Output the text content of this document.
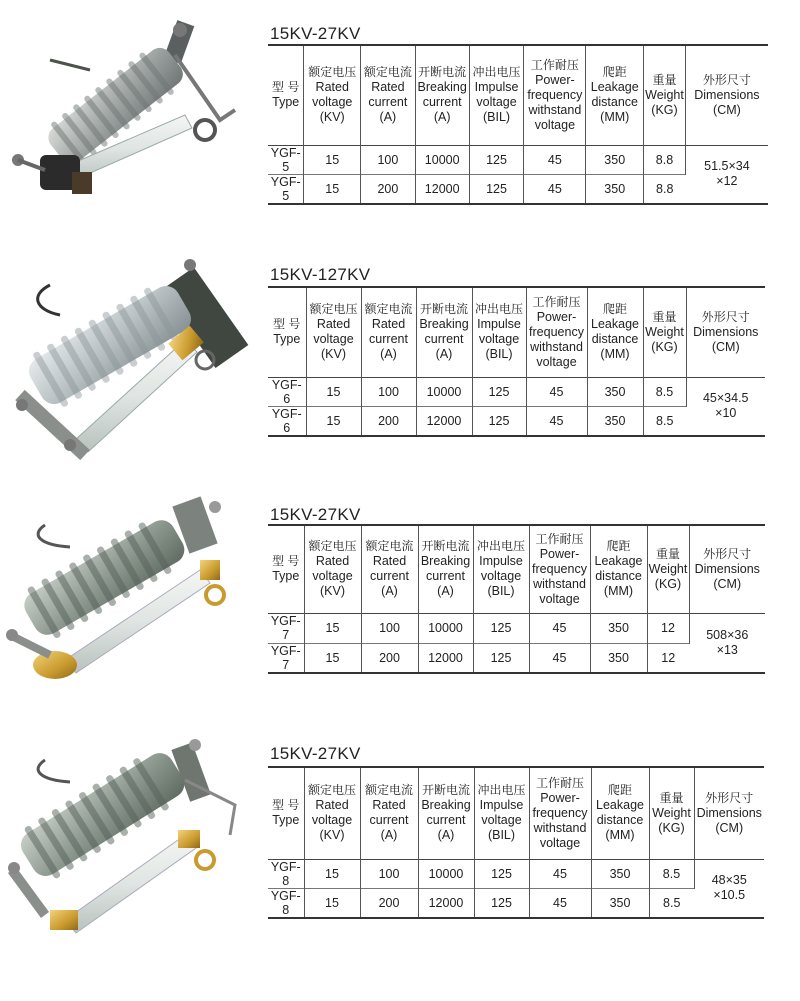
15KV-27KV
型 号
Type	额定电压
Rated
voltage
(KV)	额定电流
Rated
current
(A)	开断电流
Breaking
current
(A)	冲出电压
Impulse
voltage
(BIL)	工作耐压
Power-
frequency
withstand
voltage	爬距
Leakage
distance
(MM)	重量
Weight
(KG)	外形尺寸
Dimensions
(CM)

YGF-5	15	100	10000	125	45	350	8.8	51.5×34
×12

YGF-5	15	200	12000	125	45	350	8.8	
15KV-127KV
型 号
Type	额定电压
Rated
voltage
(KV)	额定电流
Rated
current
(A)	开断电流
Breaking
current
(A)	冲出电压
Impulse
voltage
(BIL)	工作耐压
Power-
frequency
withstand
voltage	爬距
Leakage
distance
(MM)	重量
Weight
(KG)	外形尺寸
Dimensions
(CM)

YGF-6	15	100	10000	125	45	350	8.5	45×34.5
×10

YGF-6	15	200	12000	125	45	350	8.5	
15KV-27KV
型 号
Type	额定电压
Rated
voltage
(KV)	额定电流
Rated
current
(A)	开断电流
Breaking
current
(A)	冲出电压
Impulse
voltage
(BIL)	工作耐压
Power-
frequency
withstand
voltage	爬距
Leakage
distance
(MM)	重量
Weight
(KG)	外形尺寸
Dimensions
(CM)

YGF-7	15	100	10000	125	45	350	12	508×36
×13

YGF-7	15	200	12000	125	45	350	12	
15KV-27KV
型 号
Type	额定电压
Rated
voltage
(KV)	额定电流
Rated
current
(A)	开断电流
Breaking
current
(A)	冲出电压
Impulse
voltage
(BIL)	工作耐压
Power-
frequency
withstand
voltage	爬距
Leakage
distance
(MM)	重量
Weight
(KG)	外形尺寸
Dimensions
(CM)

YGF-8	15	100	10000	125	45	350	8.5	48×35
×10.5

YGF-8	15	200	12000	125	45	350	8.5	
